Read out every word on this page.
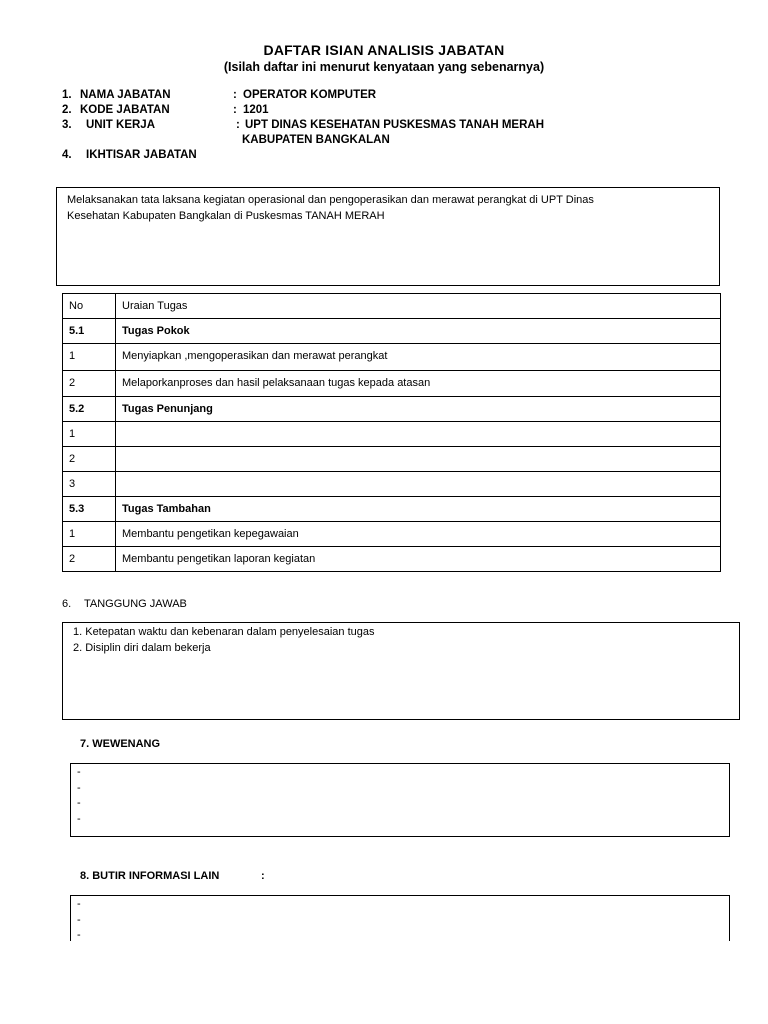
DAFTAR ISIAN ANALISIS JABATAN
(Isilah daftar ini menurut kenyataan yang sebenarnya)
1. NAMA JABATAN	: OPERATOR KOMPUTER
2. KODE JABATAN	: 1201
3. UNIT KERJA	: UPT DINAS KESEHATAN PUSKESMAS TANAH MERAH
KABUPATEN BANGKALAN
4. IKHTISAR JABATAN
Melaksanakan tata laksana kegiatan operasional dan pengoperasikan dan merawat perangkat di UPT Dinas
Kesehatan Kabupaten Bangkalan di Puskesmas TANAH MERAH
No	Uraian Tugas
5.1	Tugas Pokok
1	Menyiapkan ,mengoperasikan dan merawat perangkat
2	Melaporkanproses dan hasil pelaksanaan tugas kepada atasan
5.2	Tugas Penunjang
1	
2	
3	
5.3	Tugas Tambahan
1	Membantu pengetikan kepegawaian
2	Membantu pengetikan laporan kegiatan
6. TANGGUNG JAWAB
1. Ketepatan waktu dan kebenaran dalam penyelesaian tugas
2. Disiplin diri dalam bekerja
7. WEWENANG
-
-
-
-
8. BUTIR INFORMASI LAIN	:
-
-
-
